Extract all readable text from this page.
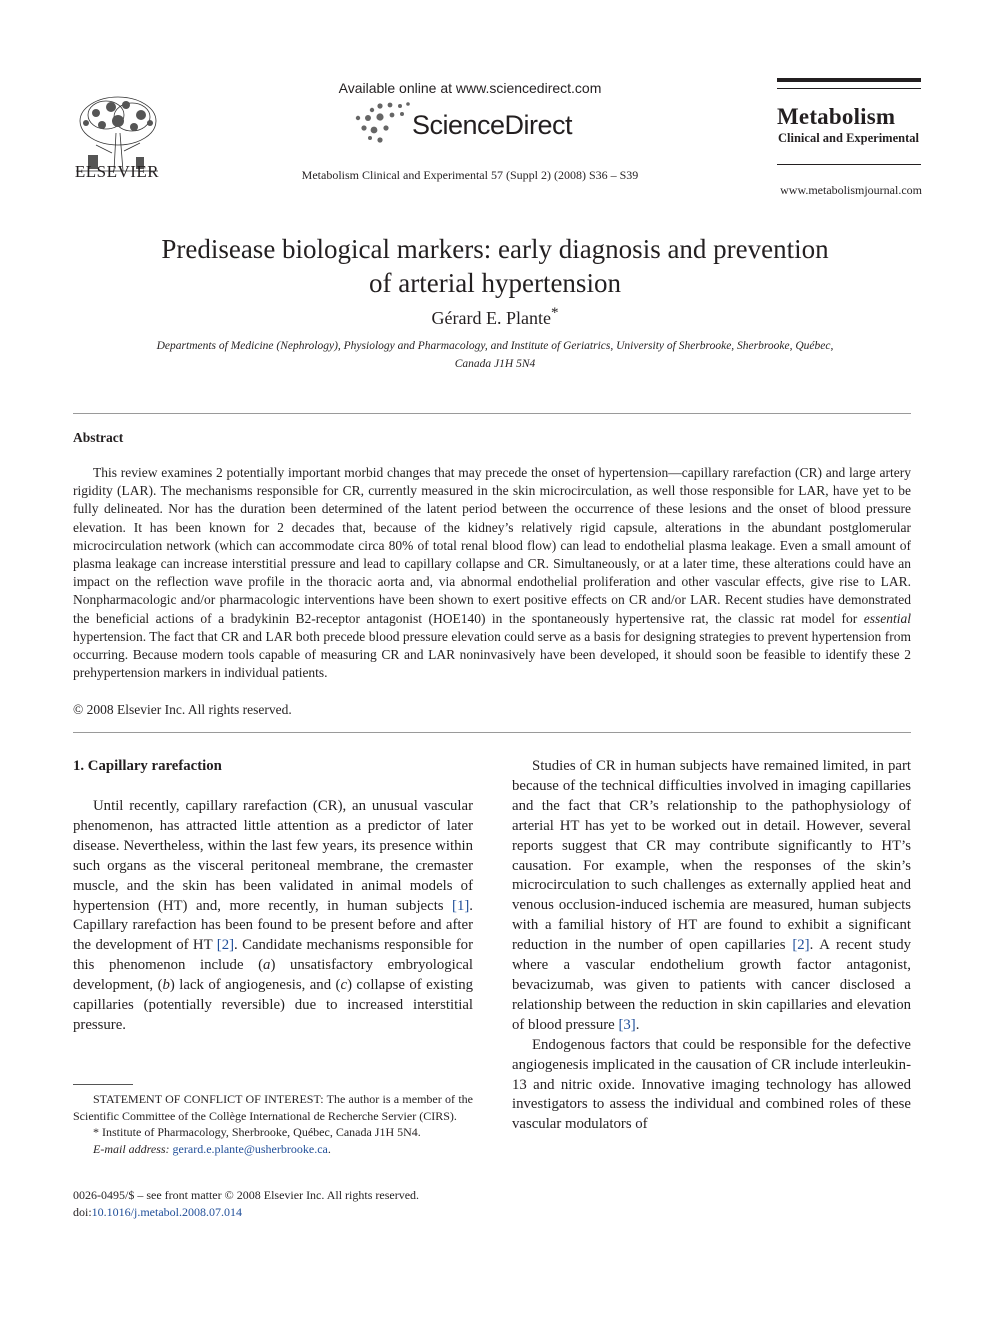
ELSEVIER
Available online at www.sciencedirect.com
ScienceDirect
Metabolism Clinical and Experimental 57 (Suppl 2) (2008) S36 – S39
Metabolism
Clinical and Experimental
www.metabolismjournal.com
Predisease biological markers: early diagnosis and prevention
of arterial hypertension
Gérard E. Plante*
Departments of Medicine (Nephrology), Physiology and Pharmacology, and Institute of Geriatrics, University of Sherbrooke, Sherbrooke, Québec,
Canada J1H 5N4
Abstract

This review examines 2 potentially important morbid changes that may precede the onset of hypertension—capillary rarefaction (CR) and large artery rigidity (LAR). The mechanisms responsible for CR, currently measured in the skin microcirculation, as well those responsible for LAR, have yet to be fully delineated. Nor has the duration been determined of the latent period between the occurrence of these lesions and the onset of blood pressure elevation. It has been known for 2 decades that, because of the kidney’s relatively rigid capsule, alterations in the abundant postglomerular microcirculation network (which can accommodate circa 80% of total renal blood flow) can lead to endothelial plasma leakage. Even a small amount of plasma leakage can increase interstitial pressure and lead to capillary collapse and CR. Simultaneously, or at a later time, these alterations could have an impact on the reflection wave profile in the thoracic aorta and, via abnormal endothelial proliferation and other vascular effects, give rise to LAR. Nonpharmacologic and/or pharmacologic interventions have been shown to exert positive effects on CR and/or LAR. Recent studies have demonstrated the beneficial actions of a bradykinin B2-receptor antagonist (HOE140) in the spontaneously hypertensive rat, the classic rat model for essential hypertension. The fact that CR and LAR both precede blood pressure elevation could serve as a basis for designing strategies to prevent hypertension from occurring. Because modern tools capable of measuring CR and LAR noninvasively have been developed, it should soon be feasible to identify these 2 prehypertension markers in individual patients.

© 2008 Elsevier Inc. All rights reserved.
1. Capillary rarefaction

Until recently, capillary rarefaction (CR), an unusual vascular phenomenon, has attracted little attention as a predictor of later disease. Nevertheless, within the last few years, its presence within such organs as the visceral peritoneal membrane, the cremaster muscle, and the skin has been validated in animal models of hypertension (HT) and, more recently, in human subjects [1]. Capillary rarefaction has been found to be present before and after the development of HT [2]. Candidate mechanisms responsible for this phenomenon include (a) unsatisfactory embryological development, (b) lack of angiogenesis, and (c) collapse of existing capillaries (potentially reversible) due to increased interstitial pressure.

STATEMENT OF CONFLICT OF INTEREST: The author is a member of the Scientific Committee of the Collège International de Recherche Servier (CIRS).

* Institute of Pharmacology, Sherbrooke, Québec, Canada J1H 5N4.

E-mail address: gerard.e.plante@usherbrooke.ca.

0026-0495/$ – see front matter © 2008 Elsevier Inc. All rights reserved.
doi:10.1016/j.metabol.2008.07.014

Studies of CR in human subjects have remained limited, in part because of the technical difficulties involved in imaging capillaries and the fact that CR’s relationship to the pathophysiology of arterial HT has yet to be worked out in detail. However, several reports suggest that CR may contribute significantly to HT’s causation. For example, when the responses of the skin’s microcirculation to such challenges as externally applied heat and venous occlusion-induced ischemia are measured, human subjects with a familial history of HT are found to exhibit a significant reduction in the number of open capillaries [2]. A recent study where a vascular endothelium growth factor antagonist, bevacizumab, was given to patients with cancer disclosed a relationship between the reduction in skin capillaries and elevation of blood pressure [3].

Endogenous factors that could be responsible for the defective angiogenesis implicated in the causation of CR include interleukin-13 and nitric oxide. Innovative imaging technology has allowed investigators to assess the individual and combined roles of these vascular modulators of
